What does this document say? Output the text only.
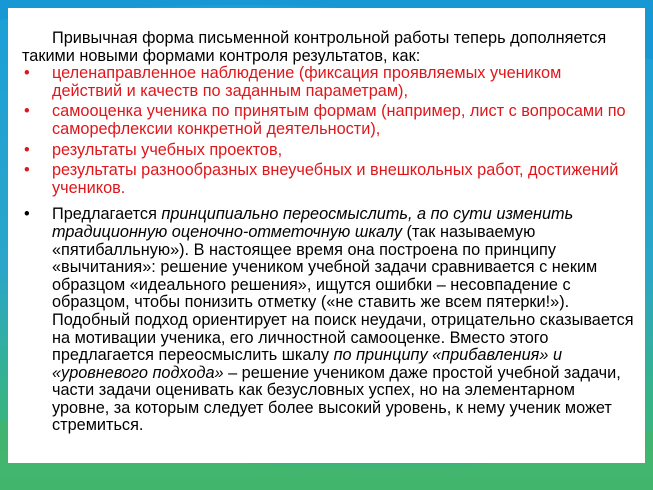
Привычная форма письменной контрольной работы теперь дополняется такими новыми формами контроля результатов, как:

•	целенаправленное наблюдение (фиксация проявляемых учеником действий и качеств по заданным параметрам),
•	самооценка ученика по принятым формам (например, лист с вопросами по саморефлексии конкретной деятельности),
•	результаты учебных проектов,
•	результаты разнообразных внеучебных и внешкольных работ, достижений учеников.
•	Предлагается принципиально переосмыслить, а по сути изменить традиционную оценочно-отметочную шкалу (так называемую «пятибалльную»). В настоящее время она построена по принципу «вычитания»: решение учеником учебной задачи сравнивается с неким образцом «идеального решения», ищутся ошибки – несовпадение с образцом, чтобы понизить отметку («не ставить же всем пятерки!»). Подобный подход ориентирует на поиск неудачи, отрицательно сказывается на мотивации ученика, его личностной самооценке. Вместо этого предлагается переосмыслить шкалу по принципу «прибавления» и «уровневого подхода» – решение учеником даже простой учебной задачи, части задачи оценивать как безусловных успех, но на элементарном уровне, за которым следует более высокий уровень, к нему ученик может стремиться.
